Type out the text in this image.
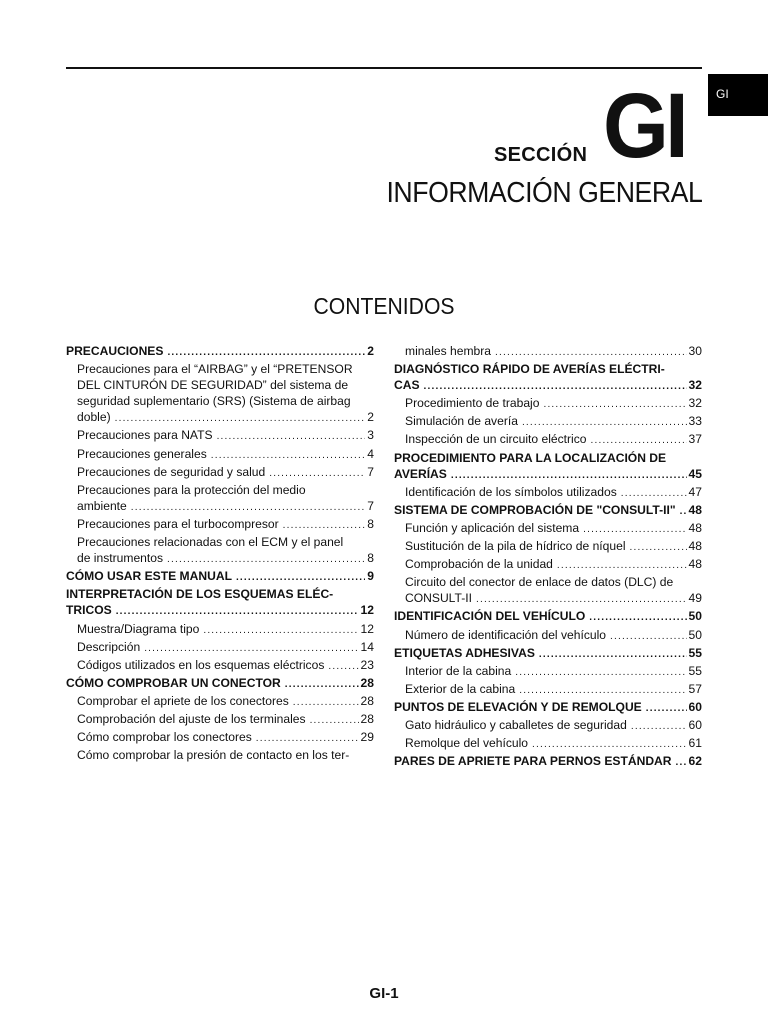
GI
SECCIÓN GI
INFORMACIÓN GENERAL
CONTENIDOS
PRECAUCIONES .....	2
Precauciones para el “AIRBAG” y el “PRETENSOR
DEL CINTURÓN DE SEGURIDAD” del sistema de
seguridad suplementario (SRS) (Sistema de airbag
doble) .....	2
Precauciones para NATS .....	3
Precauciones generales .....	4
Precauciones de seguridad y salud .....	7
Precauciones para la protección del medio
ambiente .....	7
Precauciones para el turbocompresor .....	8
Precauciones relacionadas con el ECM y el panel
de instrumentos .....	8
CÓMO USAR ESTE MANUAL .....	9
INTERPRETACIÓN DE LOS ESQUEMAS ELÉC-
TRICOS .....	12
Muestra/Diagrama tipo .....	12
Descripción .....	14
Códigos utilizados en los esquemas eléctricos .....	23
CÓMO COMPROBAR UN CONECTOR .....	28
Comprobar el apriete de los conectores .....	28
Comprobación del ajuste de los terminales .....	28
Cómo comprobar los conectores .....	29
Cómo comprobar la presión de contacto en los ter-
minales hembra .....	30
DIAGNÓSTICO RÁPIDO DE AVERÍAS ELÉCTRI-
CAS .....	32
Procedimiento de trabajo .....	32
Simulación de avería .....	33
Inspección de un circuito eléctrico .....	37
PROCEDIMIENTO PARA LA LOCALIZACIÓN DE
AVERÍAS .....	45
Identificación de los símbolos utilizados .....	47
SISTEMA DE COMPROBACIÓN DE "CONSULT-II" ..... 48
Función y aplicación del sistema .....	48
Sustitución de la pila de hídrico de níquel .....	48
Comprobación de la unidad .....	48
Circuito del conector de enlace de datos (DLC) de
CONSULT-II .....	49
IDENTIFICACIÓN DEL VEHÍCULO .....	50
Número de identificación del vehículo .....	50
ETIQUETAS ADHESIVAS .....	55
Interior de la cabina .....	55
Exterior de la cabina .....	57
PUNTOS DE ELEVACIÓN Y DE REMOLQUE .....	60
Gato hidráulico y caballetes de seguridad .....	60
Remolque del vehículo .....	61
PARES DE APRIETE PARA PERNOS ESTÁNDAR ..... 62
GI-1
